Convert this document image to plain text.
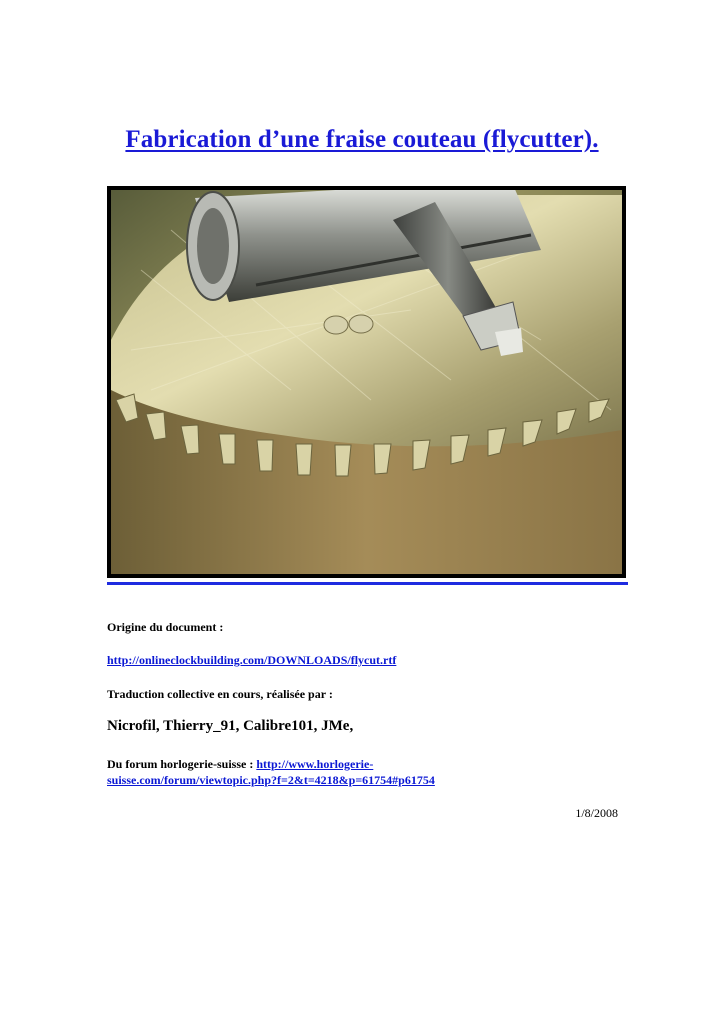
Fabrication d’une fraise couteau (flycutter).
Origine du document :
http://onlineclockbuilding.com/DOWNLOADS/flycut.rtf
Traduction collective en cours, réalisée par :
Nicrofil, Thierry_91, Calibre101, JMe,
Du forum horlogerie-suisse : http://www.horlogerie-
suisse.com/forum/viewtopic.php?f=2&t=4218&p=61754#p61754
1/8/2008
